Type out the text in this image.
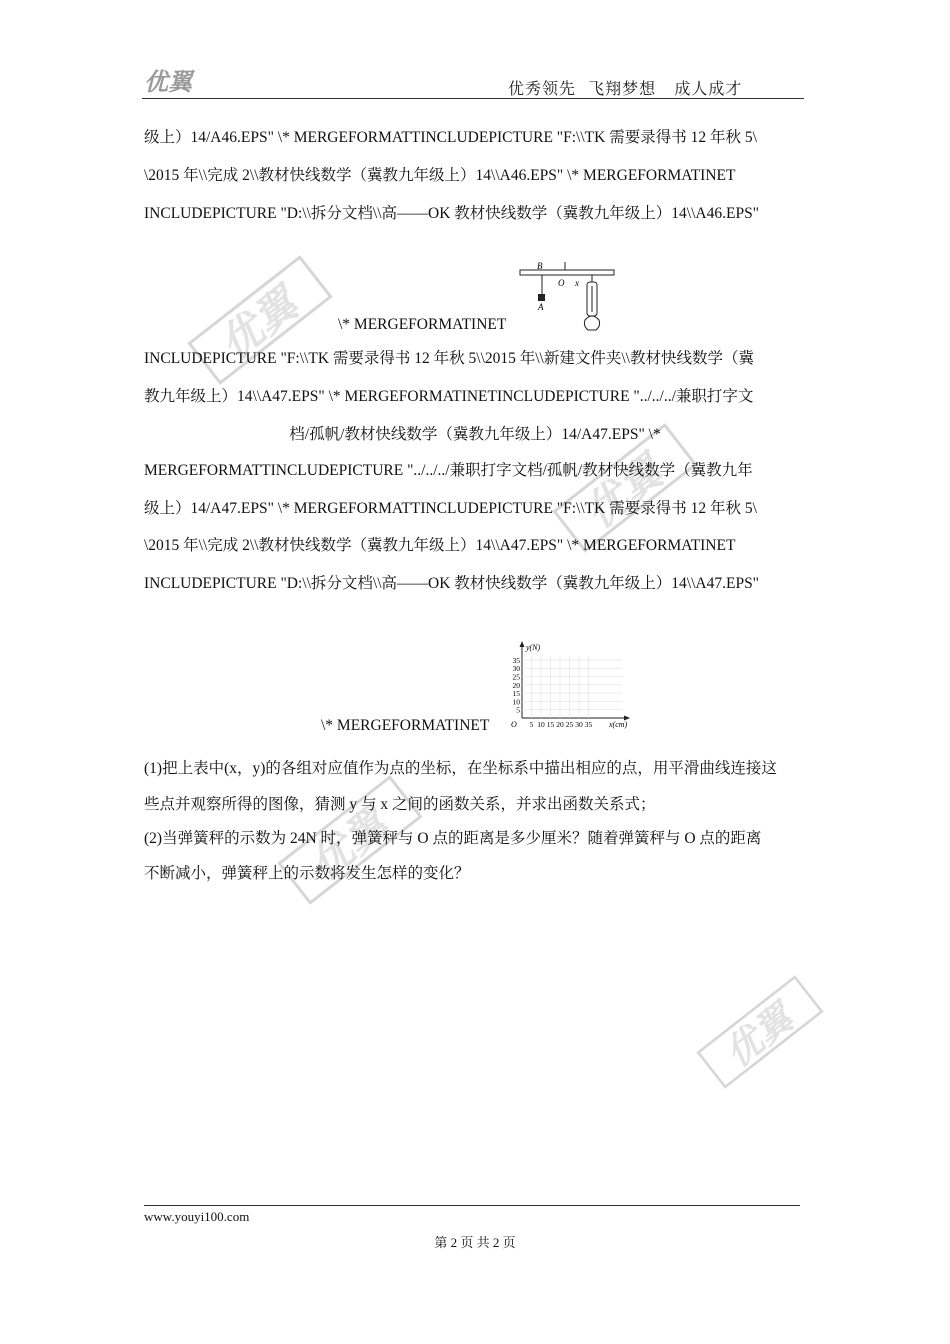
优翼	优秀领先  飞翔梦想   成人成才
优翼
优翼
优翼
优翼
级上）14/A46.EPS" \* MERGEFORMATTINCLUDEPICTURE "F:\\TK 需要录得书 12 年秋 5\
\2015 年\\完成 2\\教材快线数学（冀教九年级上）14\\A46.EPS" \* MERGEFORMATINET
INCLUDEPICTURE "D:\\拆分文档\\高——OK 教材快线数学（冀教九年级上）14\\A46.EPS"
B
O x
A
\* MERGEFORMATINET
INCLUDEPICTURE "F:\\TK 需要录得书 12 年秋 5\\2015 年\\新建文件夹\\教材快线数学（冀
教九年级上）14\\A47.EPS" \* MERGEFORMATINETINCLUDEPICTURE "../../../兼职打字文
档/孤帆/教材快线数学（冀教九年级上）14/A47.EPS" \*
MERGEFORMATTINCLUDEPICTURE "../../../兼职打字文档/孤帆/教材快线数学（冀教九年
级上）14/A47.EPS" \* MERGEFORMATTINCLUDEPICTURE "F:\\TK 需要录得书 12 年秋 5\
\2015 年\\完成 2\\教材快线数学（冀教九年级上）14\\A47.EPS" \* MERGEFORMATINET
INCLUDEPICTURE "D:\\拆分文档\\高——OK 教材快线数学（冀教九年级上）14\\A47.EPS"
5
10
15
20
25
30
35
5 10 15 20 25 30 35
y(N)
x(cm)
O
\* MERGEFORMATINET
(1)把上表中(x，y)的各组对应值作为点的坐标，在坐标系中描出相应的点，用平滑曲线连接这
些点并观察所得的图像，猜测 y 与 x 之间的函数关系，并求出函数关系式；
(2)当弹簧秤的示数为 24N 时，弹簧秤与 O 点的距离是多少厘米？随着弹簧秤与 O 点的距离
不断减小，弹簧秤上的示数将发生怎样的变化？
www.youyi100.com
第 2 页 共 2 页
